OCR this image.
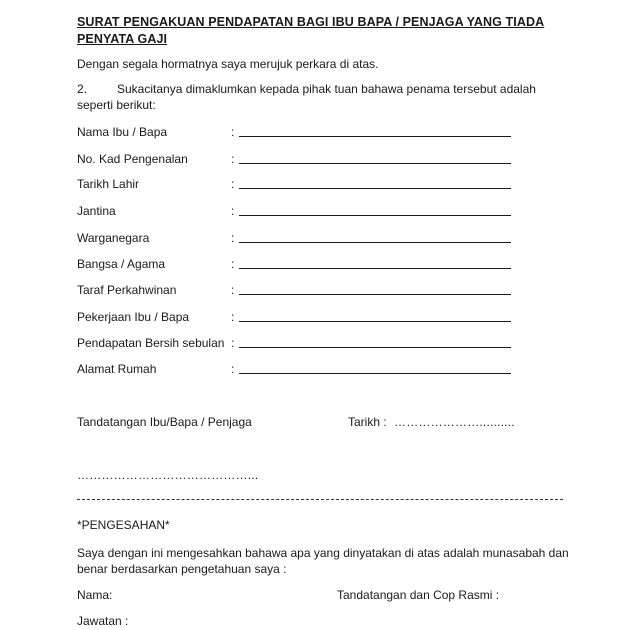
SURAT PENGAKUAN PENDAPATAN BAGI IBU BAPA / PENJAGA YANG TIADA
PENYATA GAJI
Dengan segala hormatnya saya merujuk perkara di atas.
2. Sukacitanya dimaklumkan kepada pihak tuan bahawa penama tersebut adalah
seperti berikut:
Nama Ibu / Bapa	:
No. Kad Pengenalan	:
Tarikh Lahir	:
Jantina	:
Warganegara	:
Bangsa / Agama	:
Taraf Perkahwinan	:
Pekerjaan Ibu / Bapa	:
Pendapatan Bersih sebulan :
Alamat Rumah	:
Tandatangan Ibu/Bapa / Penjaga	Tarikh : …………………..........
……………………………………...
*PENGESAHAN*
Saya dengan ini mengesahkan bahawa apa yang dinyatakan di atas adalah munasabah dan
benar berdasarkan pengetahuan saya :
Nama:	Tandatangan dan Cop Rasmi :
Jawatan :
